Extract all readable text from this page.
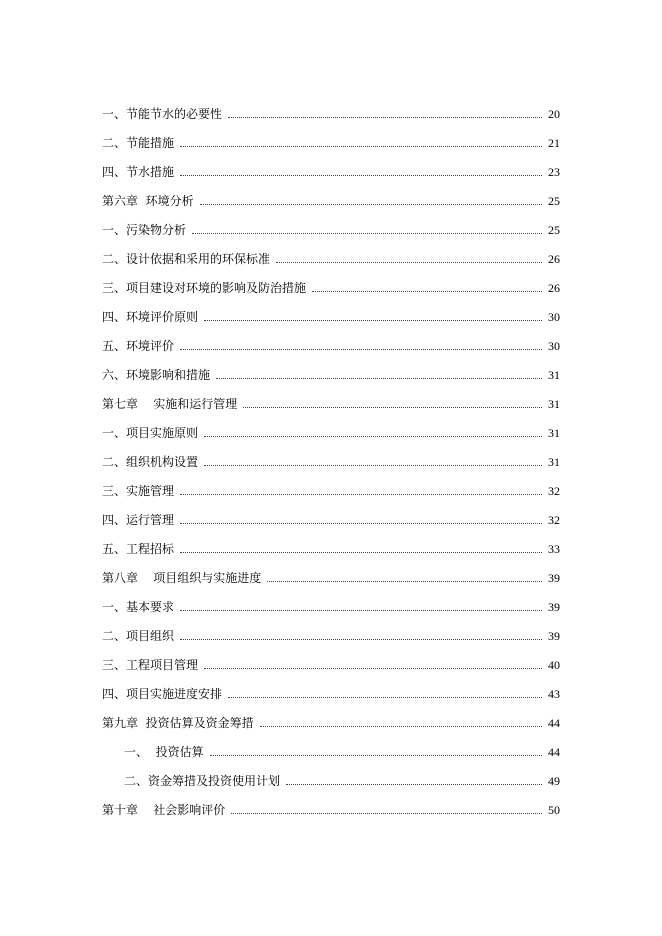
一、节能节水的必要性	20
二、节能措施	21
四、节水措施	23
第六章  环境分析	25
一、污染物分析	25
二、设计依据和采用的环保标准	26
三、项目建设对环境的影响及防治措施	26
四、环境评价原则	30
五、环境评价	30
六、环境影响和措施	31
第七章    实施和运行管理	31
一、项目实施原则	31
二、组织机构设置	31
三、实施管理	32
四、运行管理	32
五、工程招标	33
第八章    项目组织与实施进度	39
一、基本要求	39
二、项目组织	39
三、工程项目管理	40
四、项目实施进度安排	43
第九章  投资估算及资金筹措	44
一、  投资估算	44
二、资金筹措及投资使用计划	49
第十章    社会影响评价	50
